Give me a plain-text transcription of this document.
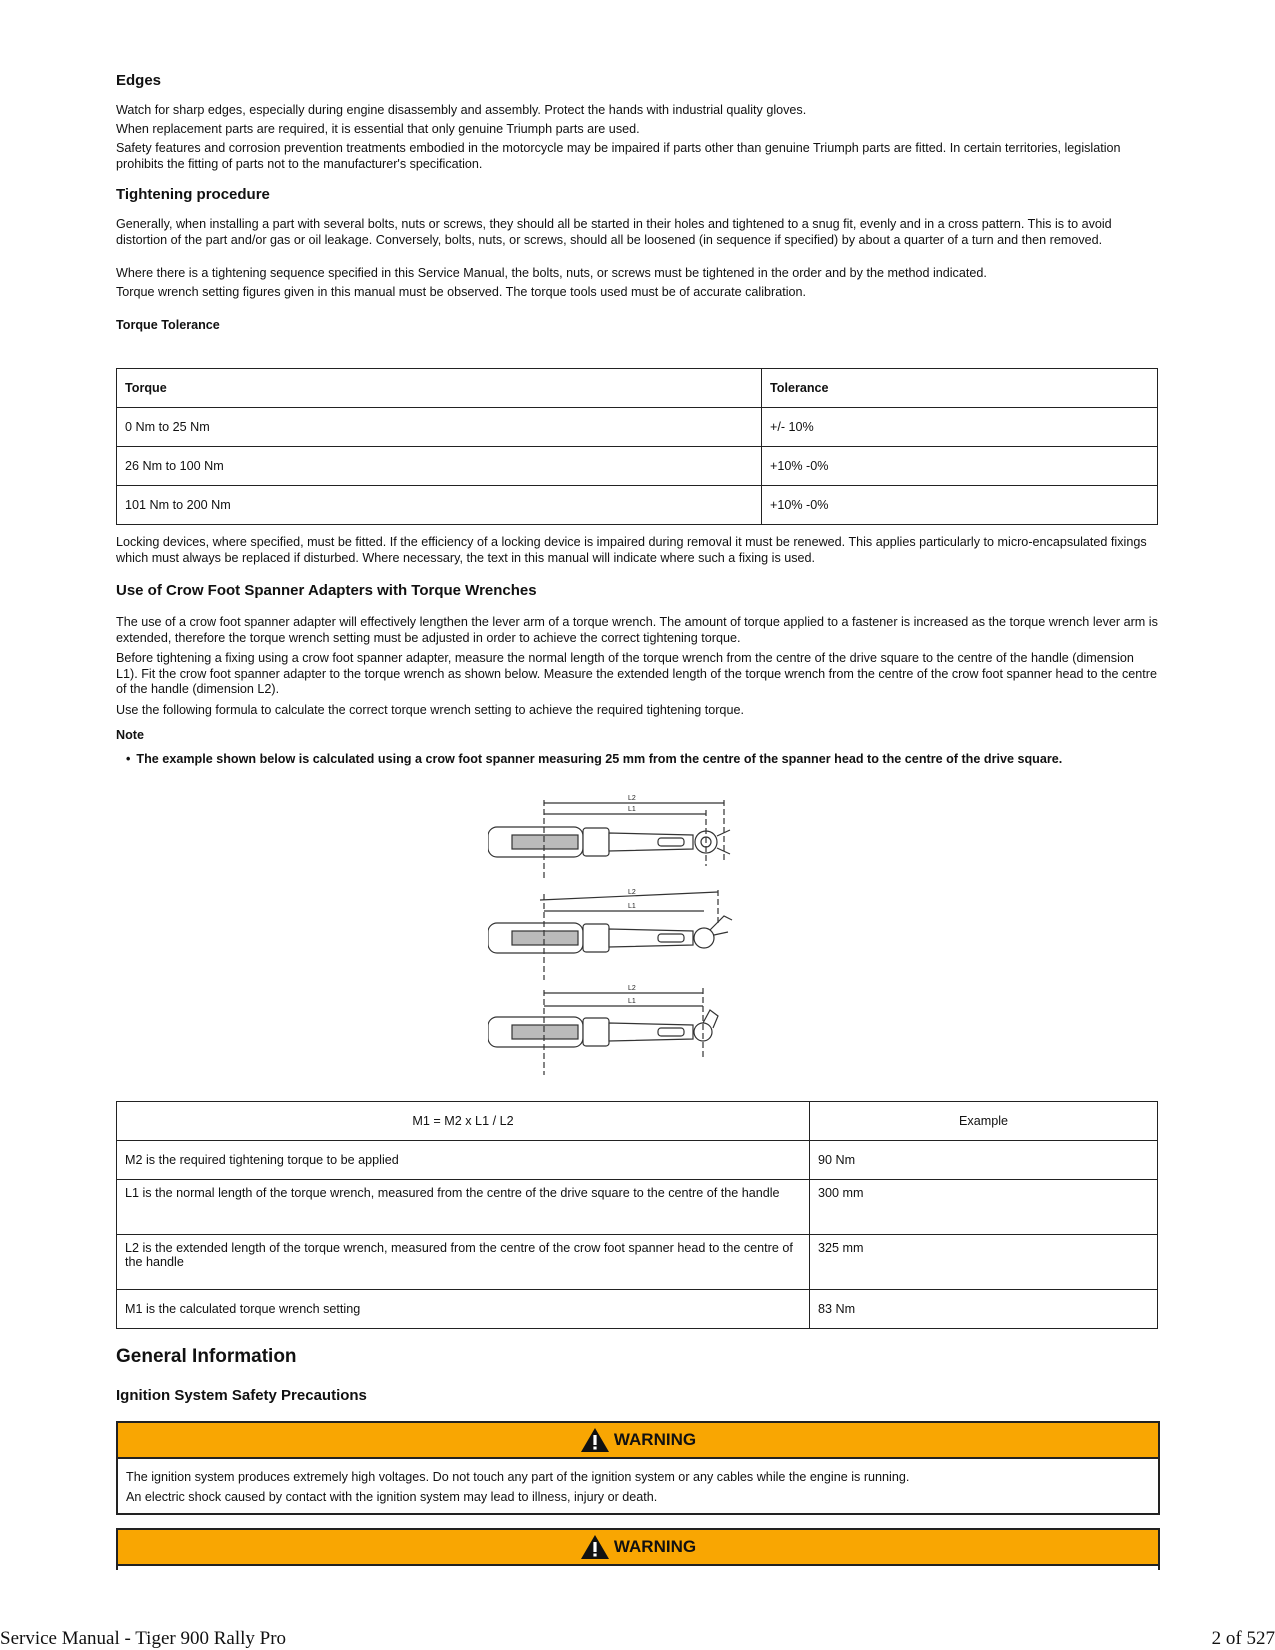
Edges

Watch for sharp edges, especially during engine disassembly and assembly. Protect the hands with industrial quality gloves.

When replacement parts are required, it is essential that only genuine Triumph parts are used.

Safety features and corrosion prevention treatments embodied in the motorcycle may be impaired if parts other than genuine Triumph parts are fitted. In certain territories, legislation prohibits the fitting of parts not to the manufacturer's specification.

Tightening procedure

Generally, when installing a part with several bolts, nuts or screws, they should all be started in their holes and tightened to a snug fit, evenly and in a cross pattern. This is to avoid distortion of the part and/or gas or oil leakage. Conversely, bolts, nuts, or screws, should all be loosened (in sequence if specified) by about a quarter of a turn and then removed.

Where there is a tightening sequence specified in this Service Manual, the bolts, nuts, or screws must be tightened in the order and by the method indicated.

Torque wrench setting figures given in this manual must be observed. The torque tools used must be of accurate calibration.

Torque Tolerance

Torque	Tolerance
0 Nm to 25 Nm	+/- 10%
26 Nm to 100 Nm	+10% -0%
101 Nm to 200 Nm	+10% -0%

Locking devices, where specified, must be fitted. If the efficiency of a locking device is impaired during removal it must be renewed. This applies particularly to micro-encapsulated fixings which must always be replaced if disturbed. Where necessary, the text in this manual will indicate where such a fixing is used.

Use of Crow Foot Spanner Adapters with Torque Wrenches

The use of a crow foot spanner adapter will effectively lengthen the lever arm of a torque wrench. The amount of torque applied to a fastener is increased as the torque wrench lever arm is extended, therefore the torque wrench setting must be adjusted in order to achieve the correct tightening torque.

Before tightening a fixing using a crow foot spanner adapter, measure the normal length of the torque wrench from the centre of the drive square to the centre of the handle (dimension L1). Fit the crow foot spanner adapter to the torque wrench as shown below. Measure the extended length of the torque wrench from the centre of the crow foot spanner head to the centre of the handle (dimension L2).

Use the following formula to calculate the correct torque wrench setting to achieve the required tightening torque.

Note

• The example shown below is calculated using a crow foot spanner measuring 25 mm from the centre of the spanner head to the centre of the drive square.

L2
L1
L2
L1
L2
L1
M1 = M2 x L1 / L2	Example
M2 is the required tightening torque to be applied	90 Nm
L1 is the normal length of the torque wrench, measured from the centre of the drive square to the centre of the handle	300 mm
L2 is the extended length of the torque wrench, measured from the centre of the crow foot spanner head to the centre of the handle	325 mm
M1 is the calculated torque wrench setting	83 Nm
General Information
Ignition System Safety Precautions
WARNING
The ignition system produces extremely high voltages. Do not touch any part of the ignition system or any cables while the engine is running.
An electric shock caused by contact with the ignition system may lead to illness, injury or death.
WARNING
Service Manual - Tiger 900 Rally Pro	2 of 527
